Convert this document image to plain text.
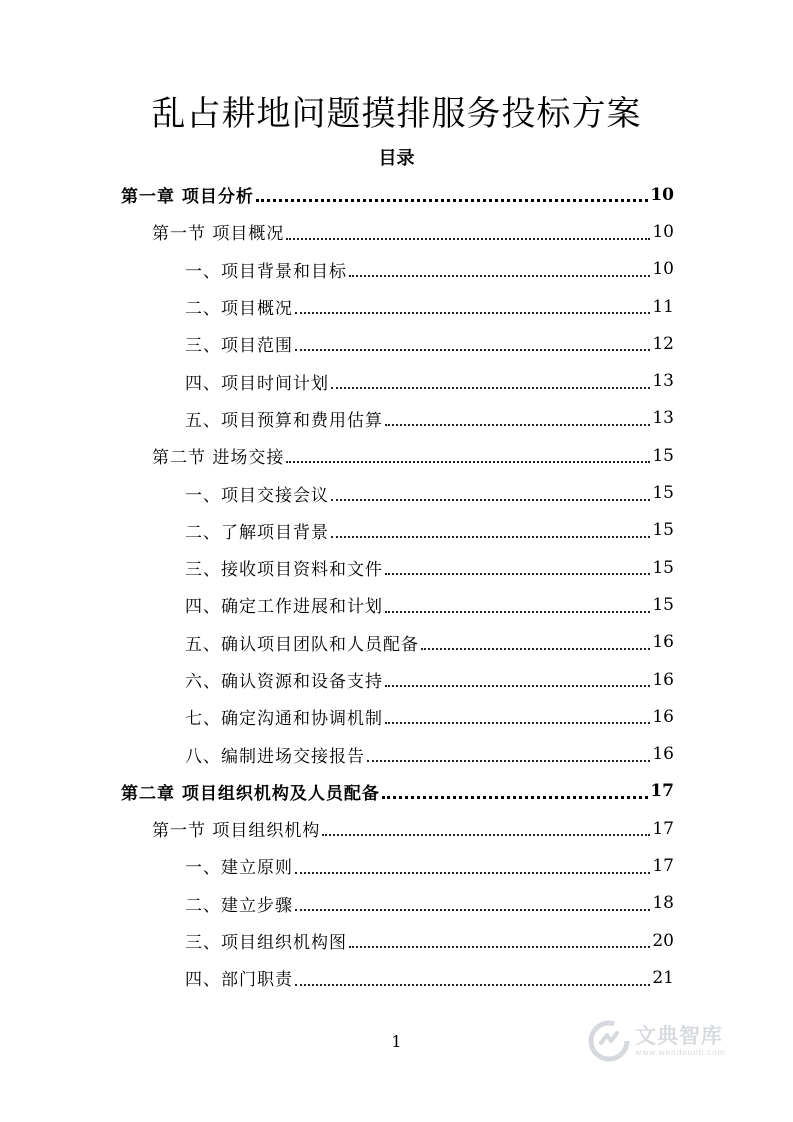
乱占耕地问题摸排服务投标方案
目录
第一章 项目分析	10
第一节 项目概况	10
一、项目背景和目标	10
二、项目概况	11
三、项目范围	12
四、项目时间计划	13
五、项目预算和费用估算	13
第二节 进场交接	15
一、项目交接会议	15
二、了解项目背景	15
三、接收项目资料和文件	15
四、确定工作进展和计划	15
五、确认项目团队和人员配备	16
六、确认资源和设备支持	16
七、确定沟通和协调机制	16
八、编制进场交接报告	16
第二章 项目组织机构及人员配备	17
第一节 项目组织机构	17
一、建立原则	17
二、建立步骤	18
三、项目组织机构图	20
四、部门职责	21
1	文典智库
www.wendoulib.com
